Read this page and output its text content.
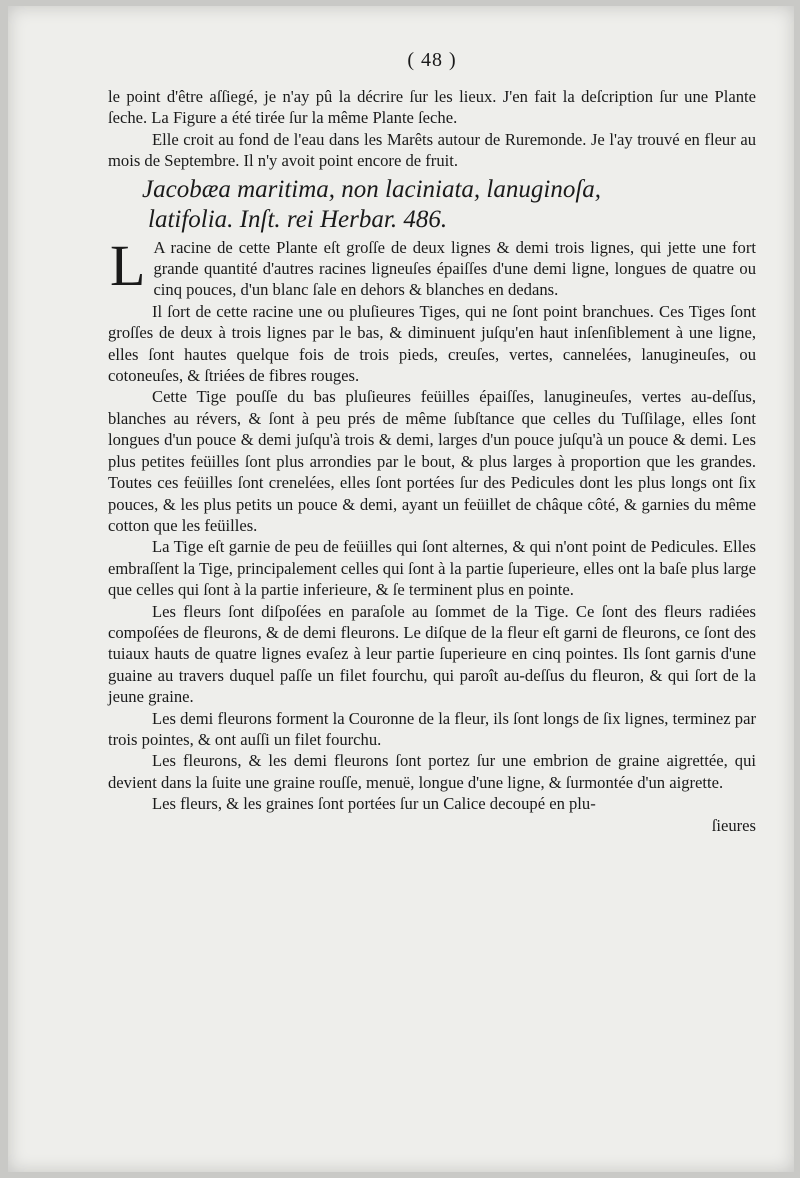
( 48 )

le point d'être aſſiegé, je n'ay pû la décrire ſur les lieux. J'en fait la deſcription ſur une Plante ſeche. La Figure a été tirée ſur la même Plante ſeche.

Elle croit au fond de l'eau dans les Marêts autour de Ruremonde. Je l'ay trouvé en fleur au mois de Septembre. Il n'y avoit point encore de fruit.

Jacobæa maritima, non laciniata, lanuginoſa,
latifolia. Inſt. rei Herbar. 486.

L A racine de cette Plante eſt groſſe de deux lignes & demi trois lignes, qui jette une fort grande quantité d'autres racines ligneuſes épaiſſes d'une demi ligne, longues de quatre ou cinq pouces, d'un blanc ſale en dehors & blanches en dedans.

Il ſort de cette racine une ou pluſieures Tiges, qui ne ſont point branchues. Ces Tiges ſont groſſes de deux à trois lignes par le bas, & diminuent juſqu'en haut inſenſiblement à une ligne, elles ſont hautes quelque fois de trois pieds, creuſes, vertes, cannelées, lanugineuſes, ou cotoneuſes, & ſtriées de fibres rouges.

Cette Tige pouſſe du bas pluſieures feüilles épaiſſes, lanugineuſes, vertes au-deſſus, blanches au révers, & ſont à peu prés de même ſubſtance que celles du Tuſſilage, elles ſont longues d'un pouce & demi juſqu'à trois & demi, larges d'un pouce juſqu'à un pouce & demi. Les plus petites feüilles ſont plus arrondies par le bout, & plus larges à proportion que les grandes. Toutes ces feüilles ſont crenelées, elles ſont portées ſur des Pedicules dont les plus longs ont ſix pouces, & les plus petits un pouce & demi, ayant un feüillet de châque côté, & garnies du même cotton que les feüilles.

La Tige eſt garnie de peu de feüilles qui ſont alternes, & qui n'ont point de Pedicules. Elles embraſſent la Tige, principalement celles qui ſont à la partie ſuperieure, elles ont la baſe plus large que celles qui ſont à la partie inferieure, & ſe terminent plus en pointe.

Les fleurs ſont diſpoſées en paraſole au ſommet de la Tige. Ce ſont des fleurs radiées compoſées de fleurons, & de demi fleurons. Le diſque de la fleur eſt garni de fleurons, ce ſont des tuiaux hauts de quatre lignes evaſez à leur partie ſuperieure en cinq pointes. Ils ſont garnis d'une guaine au travers duquel paſſe un filet fourchu, qui paroît au-deſſus du fleuron, & qui ſort de la jeune graine.

Les demi fleurons forment la Couronne de la fleur, ils ſont longs de ſix lignes, terminez par trois pointes, & ont auſſi un filet fourchu.

Les fleurons, & les demi fleurons ſont portez ſur une embrion de graine aigrettée, qui devient dans la ſuite une graine rouſſe, menuë, longue d'une ligne, & ſurmontée d'un aigrette.

Les fleurs, & les graines ſont portées ſur un Calice decoupé en plu-

ſieures
